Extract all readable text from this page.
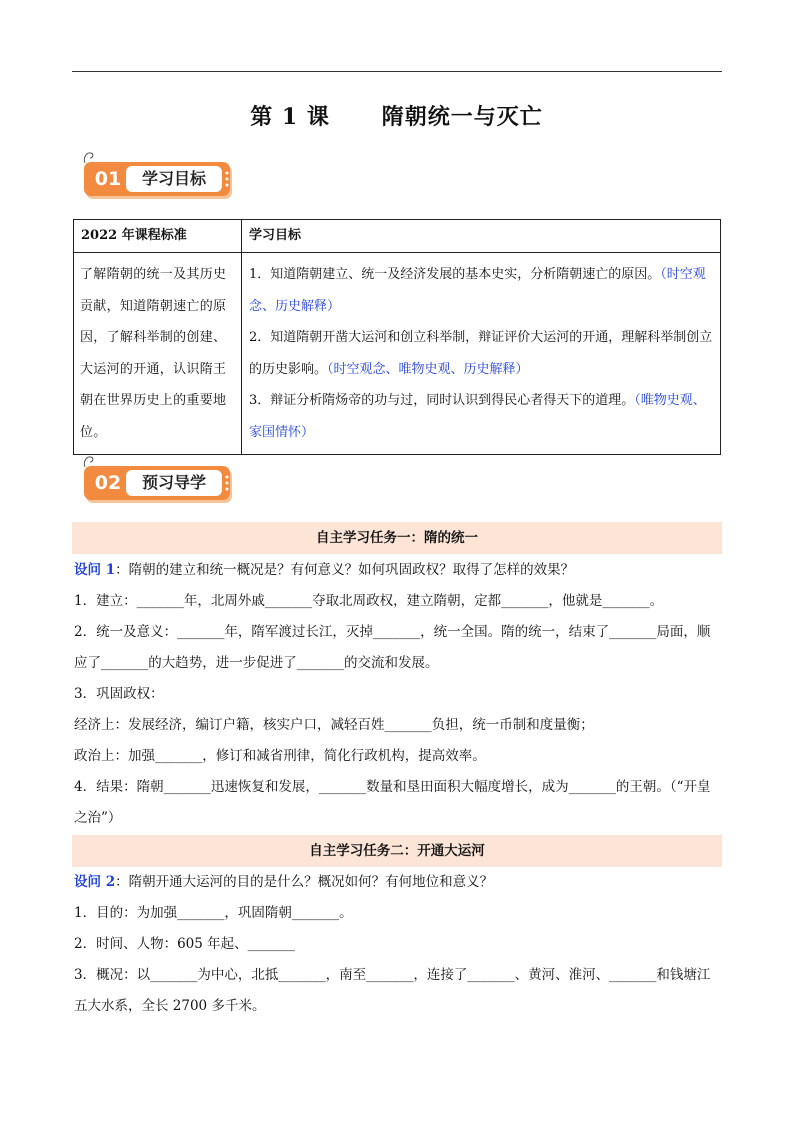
第 1 课      隋朝统一与灭亡
01	学习目标
2022 年课程标准	学习目标
了解隋朝的统一及其历史贡献，知道隋朝速亡的原因，了解科举制的创建、大运河的开通，认识隋王朝在世界历史上的重要地位。	1．知道隋朝建立、统一及经济发展的基本史实，分析隋朝速亡的原因。（时空观念、历史解释）
2．知道隋朝开凿大运河和创立科举制，辩证评价大运河的开通，理解科举制创立的历史影响。（时空观念、唯物史观、历史解释）
3．辩证分析隋炀帝的功与过，同时认识到得民心者得天下的道理。（唯物史观、家国情怀）
02	预习导学
自主学习任务一：隋的统一
设问 1：隋朝的建立和统一概况是？有何意义？如何巩固政权？取得了怎样的效果？
1．建立：_______年，北周外戚_______夺取北周政权，建立隋朝，定都_______，他就是_______。
2．统一及意义：_______年，隋军渡过长江，灭掉_______，统一全国。隋的统一，结束了_______局面，顺应了_______的大趋势，进一步促进了_______的交流和发展。
3．巩固政权：
经济上：发展经济，编订户籍，核实户口，减轻百姓_______负担，统一币制和度量衡；
政治上：加强_______，修订和减省刑律，简化行政机构，提高效率。
4．结果：隋朝_______迅速恢复和发展，_______数量和垦田面积大幅度增长，成为_______的王朝。（“开皇之治”）
自主学习任务二：开通大运河
设问 2：隋朝开通大运河的目的是什么？概况如何？有何地位和意义？
1．目的：为加强_______，巩固隋朝_______。
2．时间、人物：605 年起、_______
3．概况：以_______为中心，北抵_______，南至_______，连接了_______、黄河、淮河、_______和钱塘江五大水系，全长 2700 多千米。
